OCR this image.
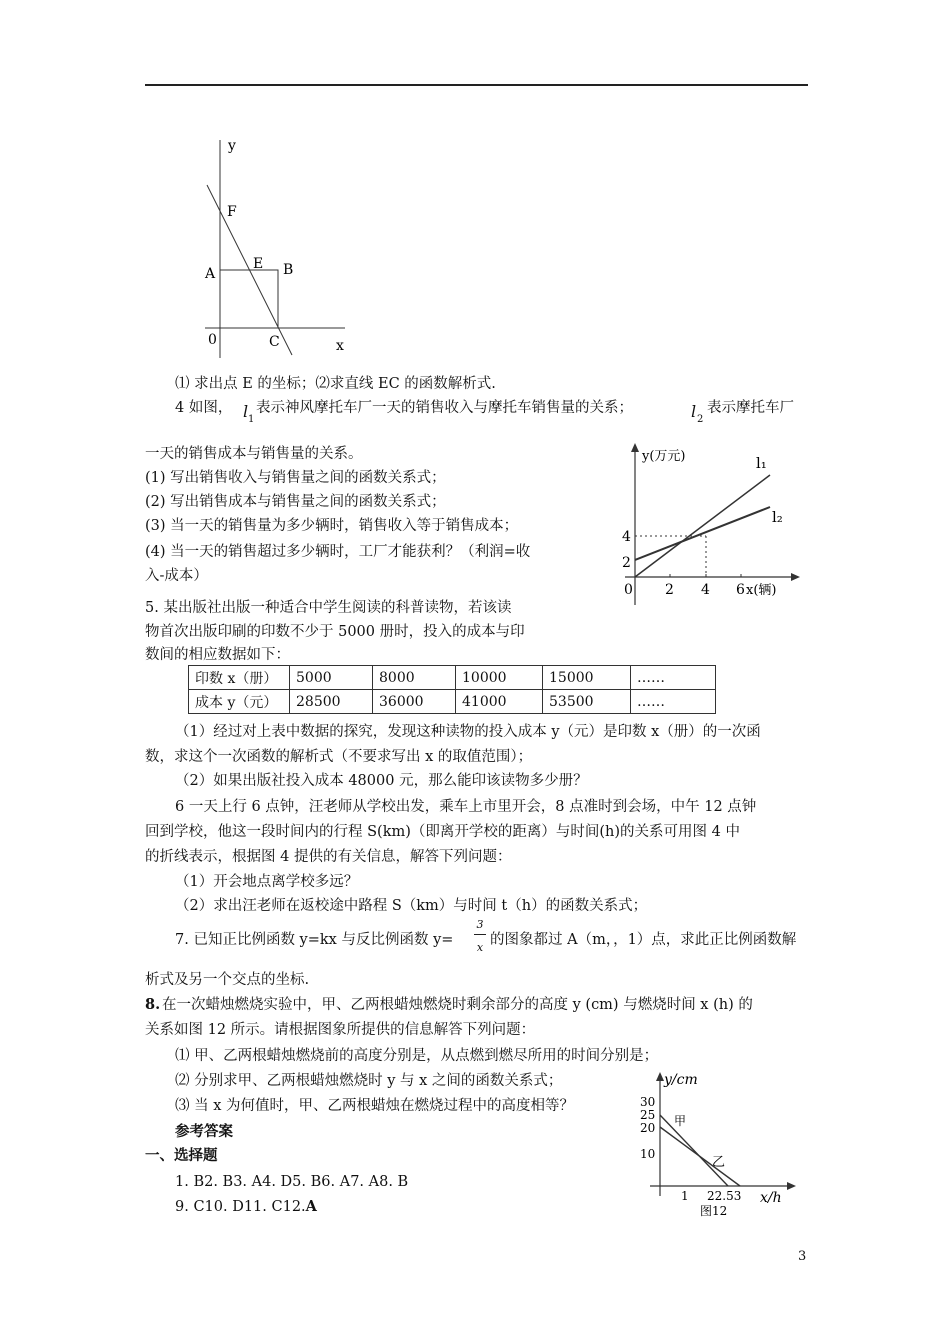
y
F
A
E B
0	C	x
⑴ 求出点 E 的坐标；⑵求直线 EC 的函数解析式.
4 如图， l 1
表示神风摩托车厂一天的销售收入与摩托车销售量的关系；	l 2
表示摩托车厂
一天的销售成本与销售量的关系。
(1) 写出销售收入与销售量之间的函数关系式；
(2) 写出销售成本与销售量之间的函数关系式；
(3) 当一天的销售量为多少辆时，销售收入等于销售成本；
(4) 当一天的销售超过多少辆时，工厂才能获利？（利润=收
入-成本）
y(万元)	l₁
l₂
4
2
0 2 4 6 x(辆)
5. 某出版社出版一种适合中学生阅读的科普读物，若该读
物首次出版印刷的印数不少于 5000 册时，投入的成本与印
数间的相应数据如下：
印数 x（册）	5000	8000	10000	15000	……
成本 y（元）	28500	36000	41000	53500	……
（1）经过对上表中数据的探究，发现这种读物的投入成本 y（元）是印数 x（册）的一次函
数，求这个一次函数的解析式（不要求写出 x 的取值范围）；
（2）如果出版社投入成本 48000 元，那么能印该读物多少册？
6 一天上行 6 点钟，汪老师从学校出发，乘车上市里开会，8 点准时到会场，中午 12 点钟
回到学校，他这一段时间内的行程 S(km)（即离开学校的距离）与时间(h)的关系可用图 4 中
的折线表示，根据图 4 提供的有关信息，解答下列问题：
（1）开会地点离学校多远？
（2）求出汪老师在返校途中路程 S（km）与时间 t（h）的函数关系式；
7. 已知正比例函数 y=kx 与反比例函数 y=
3
x 的图象都过 A（m，，1）点，求此正比例函数解
析式及另一个交点的坐标.
8. 在一次蜡烛燃烧实验中，甲、乙两根蜡烛燃烧时剩余部分的高度 y (cm) 与燃烧时间 x (h) 的
关系如图 12 所示。请根据图象所提供的信息解答下列问题：
⑴ 甲、乙两根蜡烛燃烧前的高度分别是，从点燃到燃尽所用的时间分别是；
⑵ 分别求甲、乙两根蜡烛燃烧时 y 与 x 之间的函数关系式；
⑶ 当 x 为何值时，甲、乙两根蜡烛在燃烧过程中的高度相等？
y/cm
30
25
20
10
甲
乙
1 22.53 x/h
图12
参考答案
一、选择题
1. B2. B3. A4. D5. B6. A7. A8. B
9. C10. D11. C12.A
3
